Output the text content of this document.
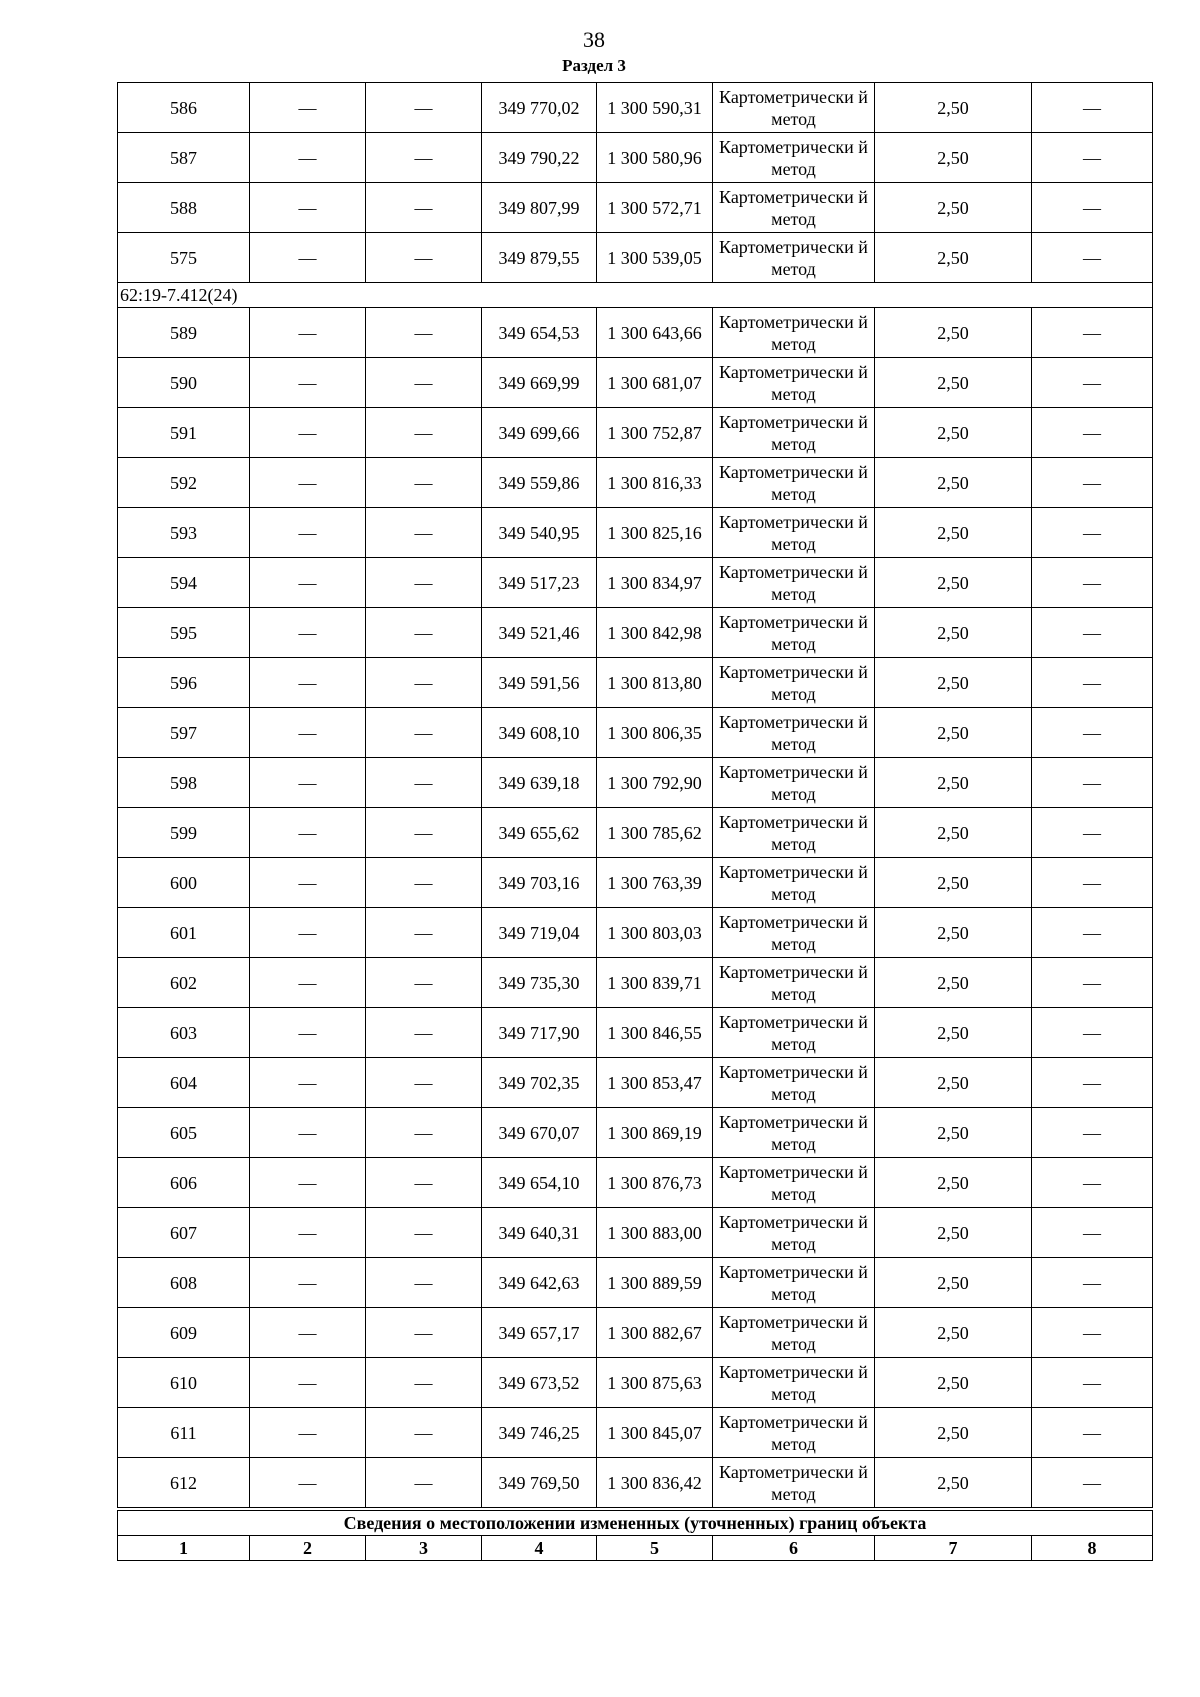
38
Раздел 3
586	—	—	349 770,02	1 300 590,31	Картометрически й метод	2,50	—
587	—	—	349 790,22	1 300 580,96	Картометрически й метод	2,50	—
588	—	—	349 807,99	1 300 572,71	Картометрически й метод	2,50	—
575	—	—	349 879,55	1 300 539,05	Картометрически й метод	2,50	—
62:19-7.412(24)							
589	—	—	349 654,53	1 300 643,66	Картометрически й метод	2,50	—
590	—	—	349 669,99	1 300 681,07	Картометрически й метод	2,50	—
591	—	—	349 699,66	1 300 752,87	Картометрически й метод	2,50	—
592	—	—	349 559,86	1 300 816,33	Картометрически й метод	2,50	—
593	—	—	349 540,95	1 300 825,16	Картометрически й метод	2,50	—
594	—	—	349 517,23	1 300 834,97	Картометрически й метод	2,50	—
595	—	—	349 521,46	1 300 842,98	Картометрически й метод	2,50	—
596	—	—	349 591,56	1 300 813,80	Картометрически й метод	2,50	—
597	—	—	349 608,10	1 300 806,35	Картометрически й метод	2,50	—
598	—	—	349 639,18	1 300 792,90	Картометрически й метод	2,50	—
599	—	—	349 655,62	1 300 785,62	Картометрически й метод	2,50	—
600	—	—	349 703,16	1 300 763,39	Картометрически й метод	2,50	—
601	—	—	349 719,04	1 300 803,03	Картометрически й метод	2,50	—
602	—	—	349 735,30	1 300 839,71	Картометрически й метод	2,50	—
603	—	—	349 717,90	1 300 846,55	Картометрически й метод	2,50	—
604	—	—	349 702,35	1 300 853,47	Картометрически й метод	2,50	—
605	—	—	349 670,07	1 300 869,19	Картометрически й метод	2,50	—
606	—	—	349 654,10	1 300 876,73	Картометрически й метод	2,50	—
607	—	—	349 640,31	1 300 883,00	Картометрически й метод	2,50	—
608	—	—	349 642,63	1 300 889,59	Картометрически й метод	2,50	—
609	—	—	349 657,17	1 300 882,67	Картометрически й метод	2,50	—
610	—	—	349 673,52	1 300 875,63	Картометрически й метод	2,50	—
611	—	—	349 746,25	1 300 845,07	Картометрически й метод	2,50	—
612	—	—	349 769,50	1 300 836,42	Картометрически й метод	2,50	—
Сведения о местоположении измененных (уточненных) границ объекта							
1	2	3	4	5	6	7	8
